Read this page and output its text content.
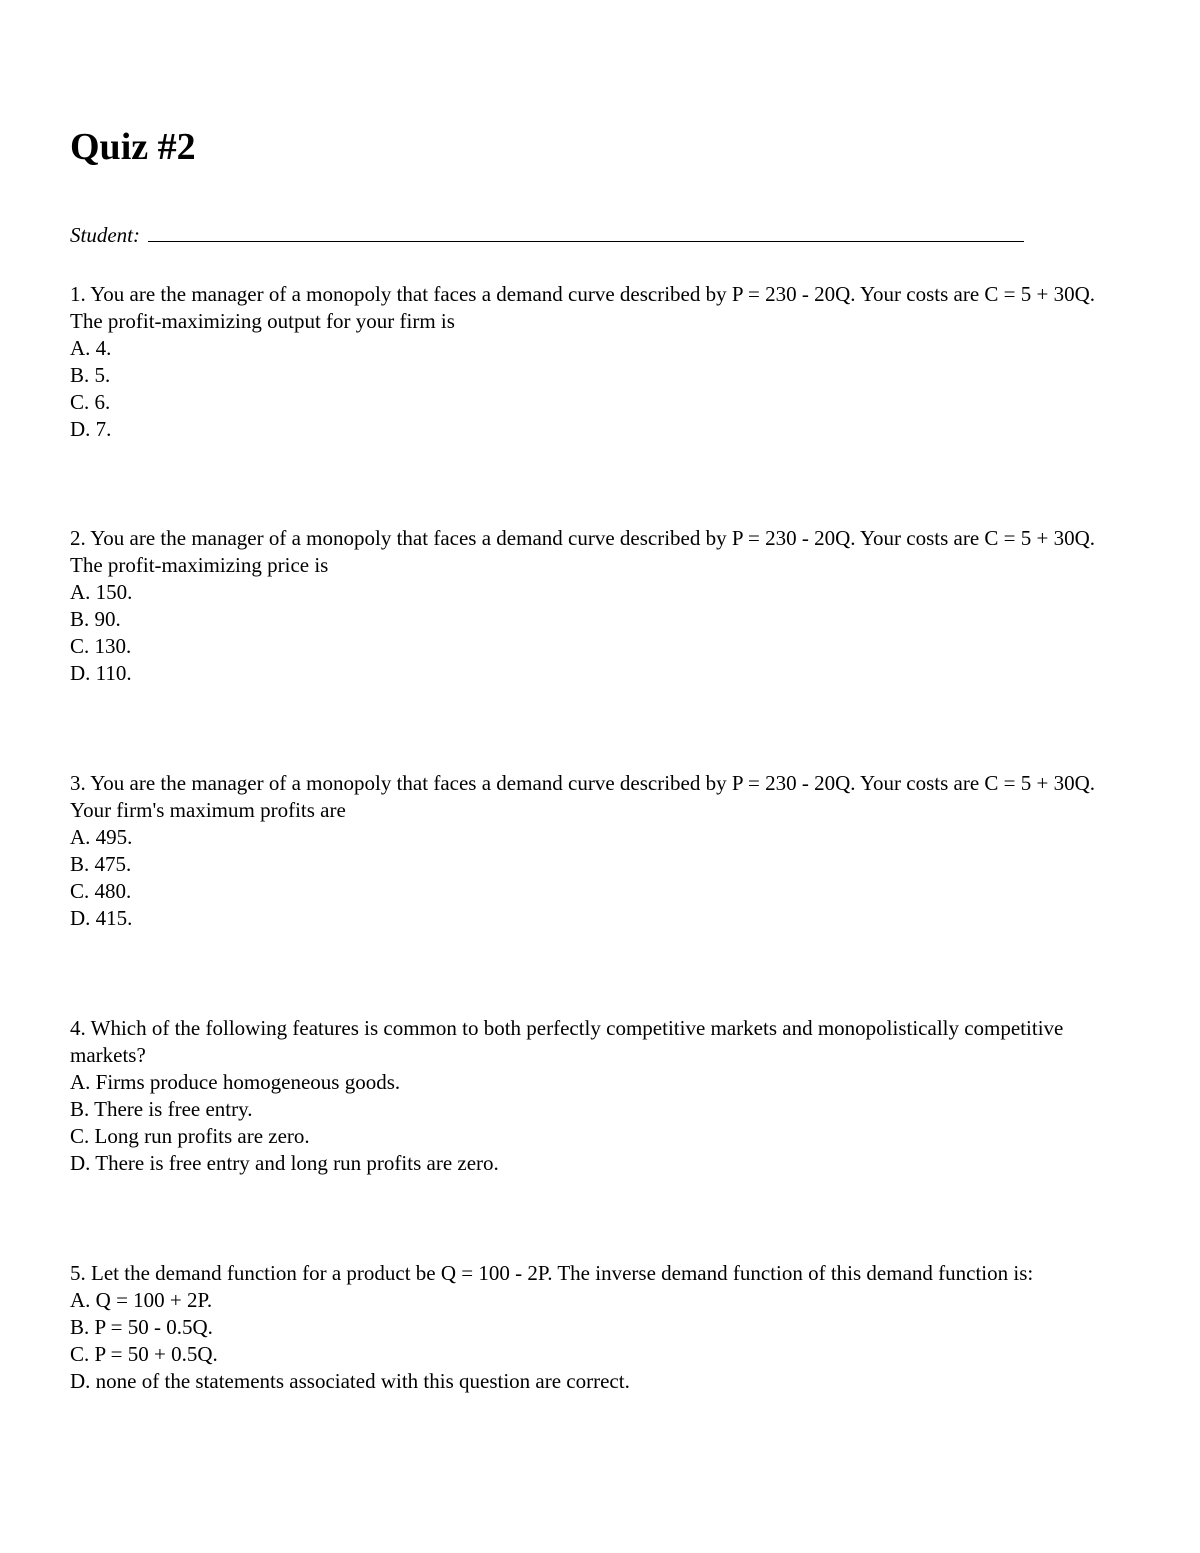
Quiz #2
Student:

1. You are the manager of a monopoly that faces a demand curve described by P = 230 - 20Q. Your costs are C = 5 + 30Q. The profit-maximizing output for your firm is

A. 4.

B. 5.

C. 6.

D. 7.

2. You are the manager of a monopoly that faces a demand curve described by P = 230 - 20Q. Your costs are C = 5 + 30Q. The profit-maximizing price is

A. 150.

B. 90.

C. 130.

D. 110.

3. You are the manager of a monopoly that faces a demand curve described by P = 230 - 20Q. Your costs are C = 5 + 30Q. Your firm's maximum profits are

A. 495.

B. 475.

C. 480.

D. 415.

4. Which of the following features is common to both perfectly competitive markets and monopolistically competitive markets?

A. Firms produce homogeneous goods.

B. There is free entry.

C. Long run profits are zero.

D. There is free entry and long run profits are zero.

5. Let the demand function for a product be Q = 100 - 2P. The inverse demand function of this demand function is:

A. Q = 100 + 2P.

B. P = 50 - 0.5Q.

C. P = 50 + 0.5Q.

D. none of the statements associated with this question are correct.
